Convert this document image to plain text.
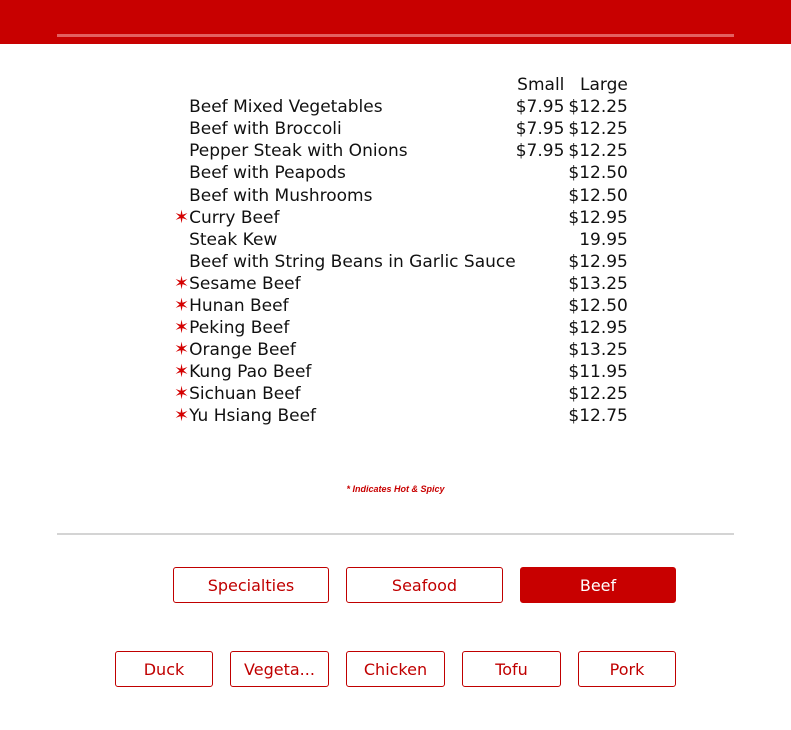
		Small	Large
	Beef Mixed Vegetables	$7.95	$12.25
	Beef with Broccoli	$7.95	$12.25
	Pepper Steak with Onions	$7.95	$12.25
	Beef with Peapods		$12.50
	Beef with Mushrooms		$12.50
✶	Curry Beef		$12.95
	Steak Kew		19.95
	Beef with String Beans in Garlic Sauce		$12.95
✶	Sesame Beef		$13.25
✶	Hunan Beef		$12.50
✶	Peking Beef		$12.95
✶	Orange Beef		$13.25
✶	Kung Pao Beef		$11.95
✶	Sichuan Beef		$12.25
✶	Yu Hsiang Beef		$12.75
* Indicates Hot & Spicy
Specialties	Seafood	Beef
Duck	Vegeta...	Chicken	Tofu	Pork
